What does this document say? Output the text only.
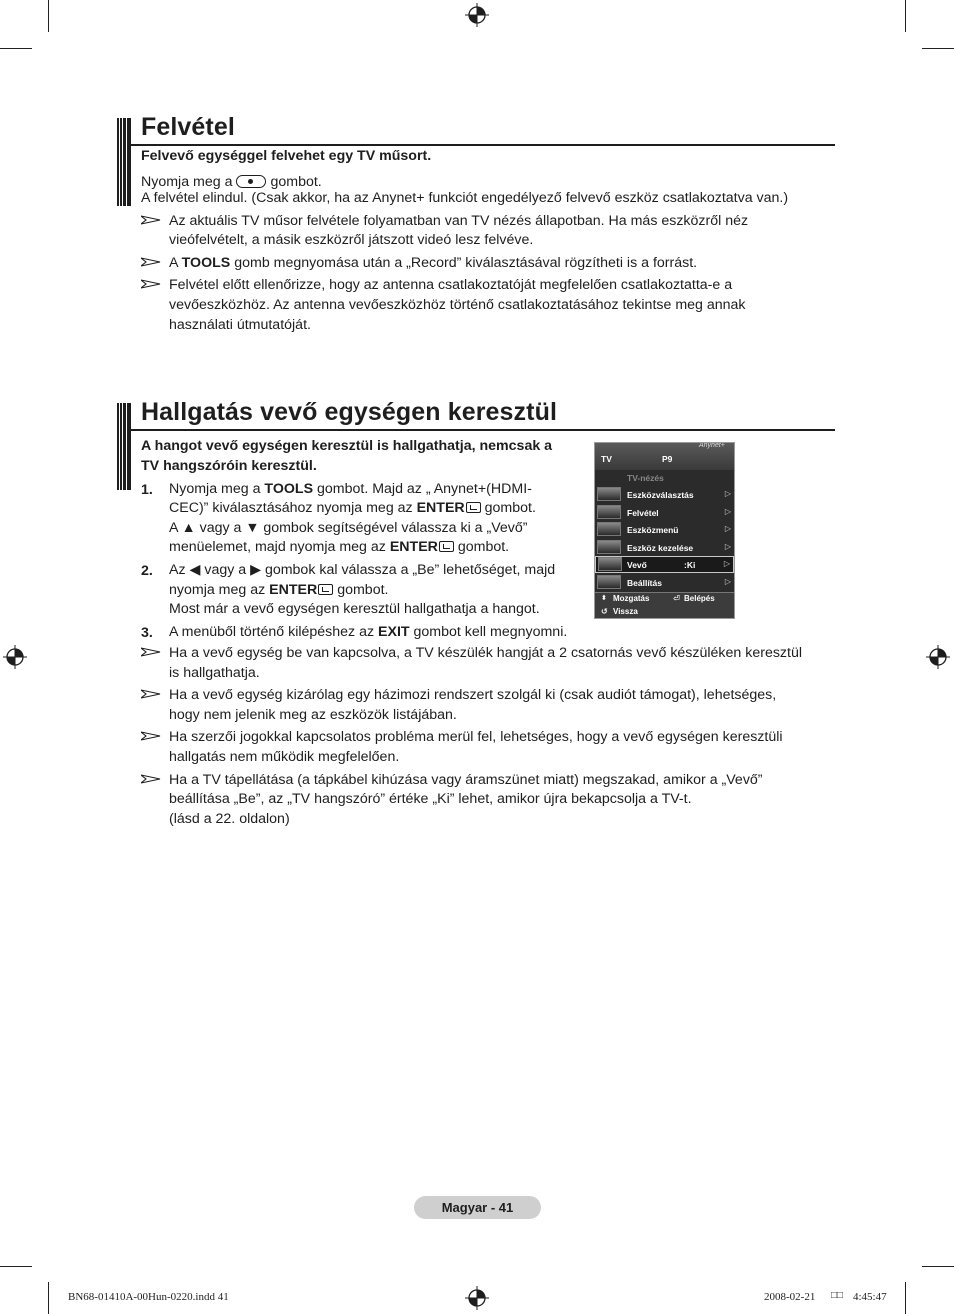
Felvétel
Felvevő egységgel felvehet egy TV műsort.
Nyomja meg a	gombot.
A felvétel elindul. (Csak akkor, ha az Anynet+ funkciót engedélyező felvevő eszköz csatlakoztatva van.)
Az aktuális TV műsor felvétele folyamatban van TV nézés állapotban. Ha más eszközről néz
vieófelvételt, a másik eszközről játszott videó lesz felvéve.
A TOOLS gomb megnyomása után a „Record” kiválasztásával rögzítheti is a forrást.
Felvétel előtt ellenőrizze, hogy az antenna csatlakoztatóját megfelelően csatlakoztatta-e a
vevőeszközhöz. Az antenna vevőeszközhöz történő csatlakoztatásához tekintse meg annak
használati útmutatóját.
Hallgatás vevő egységen keresztül
A hangot vevő egységen keresztül is hallgathatja, nemcsak a
TV hangszóróin keresztül.
1. Nyomja meg a TOOLS gombot. Majd az „ Anynet+(HDMI-
CEC)” kiválasztásához nyomja meg az ENTER gombot.
A ▲ vagy a ▼ gombok segítségével válassza ki a „Vevő”
menüelemet, majd nyomja meg az ENTER gombot.
2. Az ◀ vagy a ▶ gombok kal válassza a „Be” lehetőséget, majd
nyomja meg az ENTER gombot.
Most már a vevő egységen keresztül hallgathatja a hangot.
3. A menüből történő kilépéshez az EXIT gombot kell megnyomni.
Ha a vevő egység be van kapcsolva, a TV készülék hangját a 2 csatornás vevő készüléken keresztül
is hallgathatja.
Ha a vevő egység kizárólag egy házimozi rendszert szolgál ki (csak audiót támogat), lehetséges,
hogy nem jelenik meg az eszközök listájában.
Ha szerzői jogokkal kapcsolatos probléma merül fel, lehetséges, hogy a vevő egységen keresztüli
hallgatás nem működik megfelelően.
Ha a TV tápellátása (a tápkábel kihúzása vagy áramszünet miatt) megszakad, amikor a „Vevő”
beállítása „Be”, az „TV hangszóró” értéke „Ki” lehet, amikor újra bekapcsolja a TV-t.
(lásd a 22. oldalon)
Anynet+
TV	P9
TV-nézés
Eszközválasztás	▷
Felvétel	▷
Eszközmenü	▷
Eszköz kezelése	▷
Vevő	:Ki	▷
Beállítás	▷
⬍ Mozgatás	⏎ Belépés
↺ Vissza
Magyar - 41
BN68-01410A-00Hun-0220.indd 41	2008-02-21 □□ 4:45:47
